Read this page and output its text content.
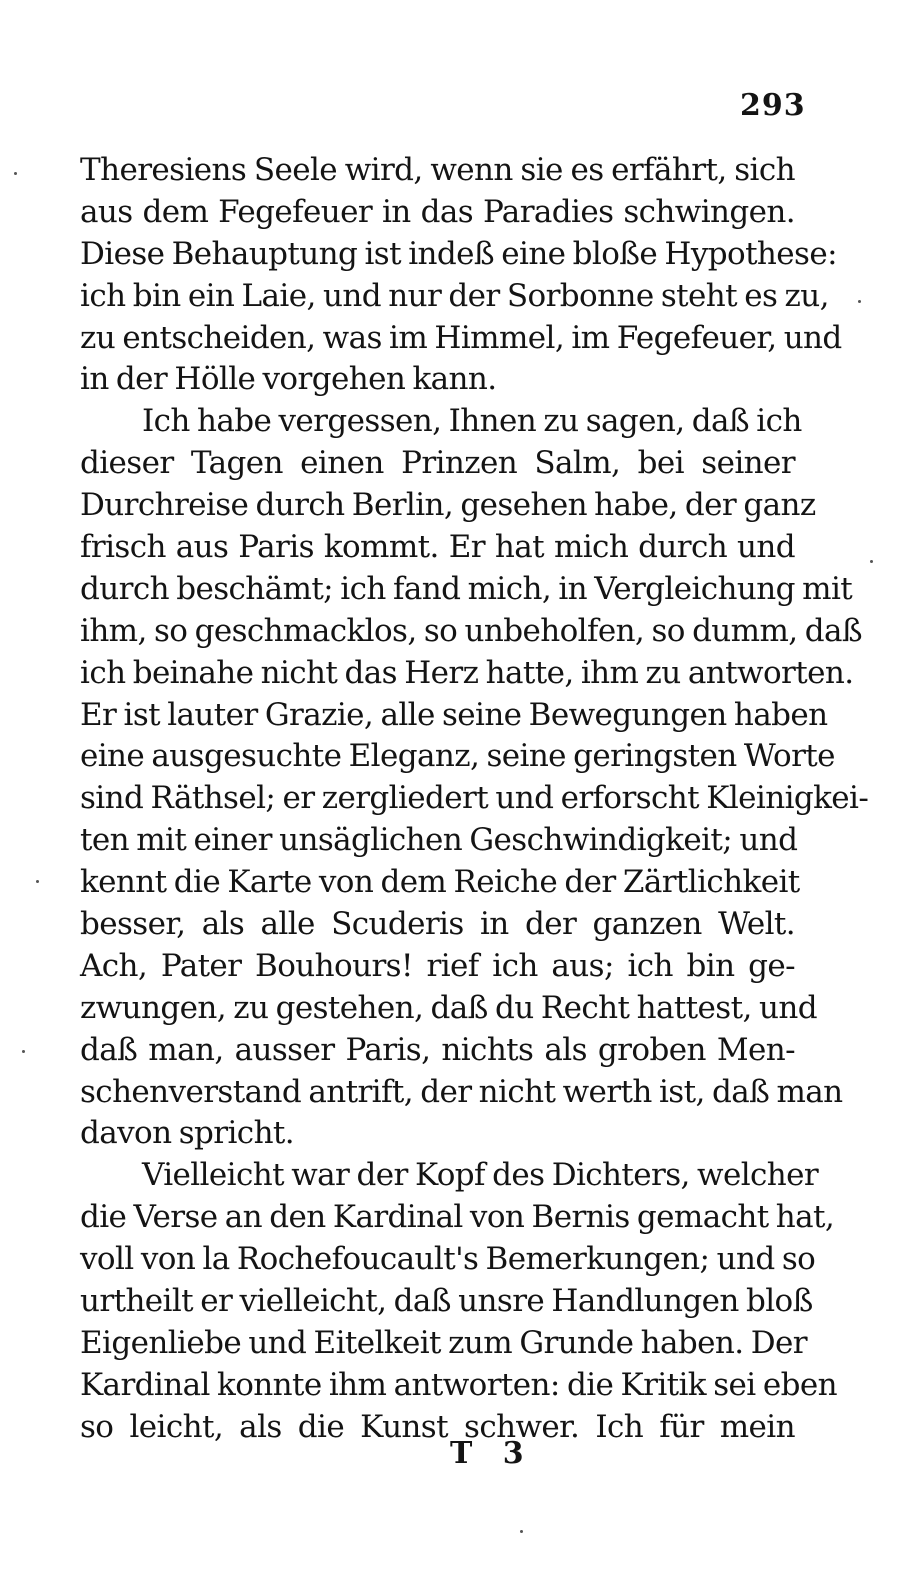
293
Theresiens Seele wird, wenn sie es erfährt, sich
aus dem Fegefeuer in das Paradies schwingen.
Diese Behauptung ist indeß eine bloße Hypothese:
ich bin ein Laie, und nur der Sorbonne steht es zu,
zu entscheiden, was im Himmel, im Fegefeuer, und
in der Hölle vorgehen kann.
Ich habe vergessen, Ihnen zu sagen, daß ich
dieser Tagen einen Prinzen Salm, bei seiner
Durchreise durch Berlin, gesehen habe, der ganz
frisch aus Paris kommt. Er hat mich durch und
durch beschämt; ich fand mich, in Vergleichung mit
ihm, so geschmacklos, so unbeholfen, so dumm, daß
ich beinahe nicht das Herz hatte, ihm zu antworten.
Er ist lauter Grazie, alle seine Bewegungen haben
eine ausgesuchte Eleganz, seine geringsten Worte
sind Räthsel; er zergliedert und erforscht Kleinigkei-
ten mit einer unsäglichen Geschwindigkeit; und
kennt die Karte von dem Reiche der Zärtlichkeit
besser, als alle Scuderis in der ganzen Welt.
Ach, Pater Bouhours! rief ich aus; ich bin ge-
zwungen, zu gestehen, daß du Recht hattest, und
daß man, ausser Paris, nichts als groben Men-
schenverstand antrift, der nicht werth ist, daß man
davon spricht.
Vielleicht war der Kopf des Dichters, welcher
die Verse an den Kardinal von Bernis gemacht hat,
voll von la Rochefoucault's Bemerkungen; und so
urtheilt er vielleicht, daß unsre Handlungen bloß
Eigenliebe und Eitelkeit zum Grunde haben. Der
Kardinal konnte ihm antworten: die Kritik sei eben
so leicht, als die Kunst schwer. Ich für mein
T 3
